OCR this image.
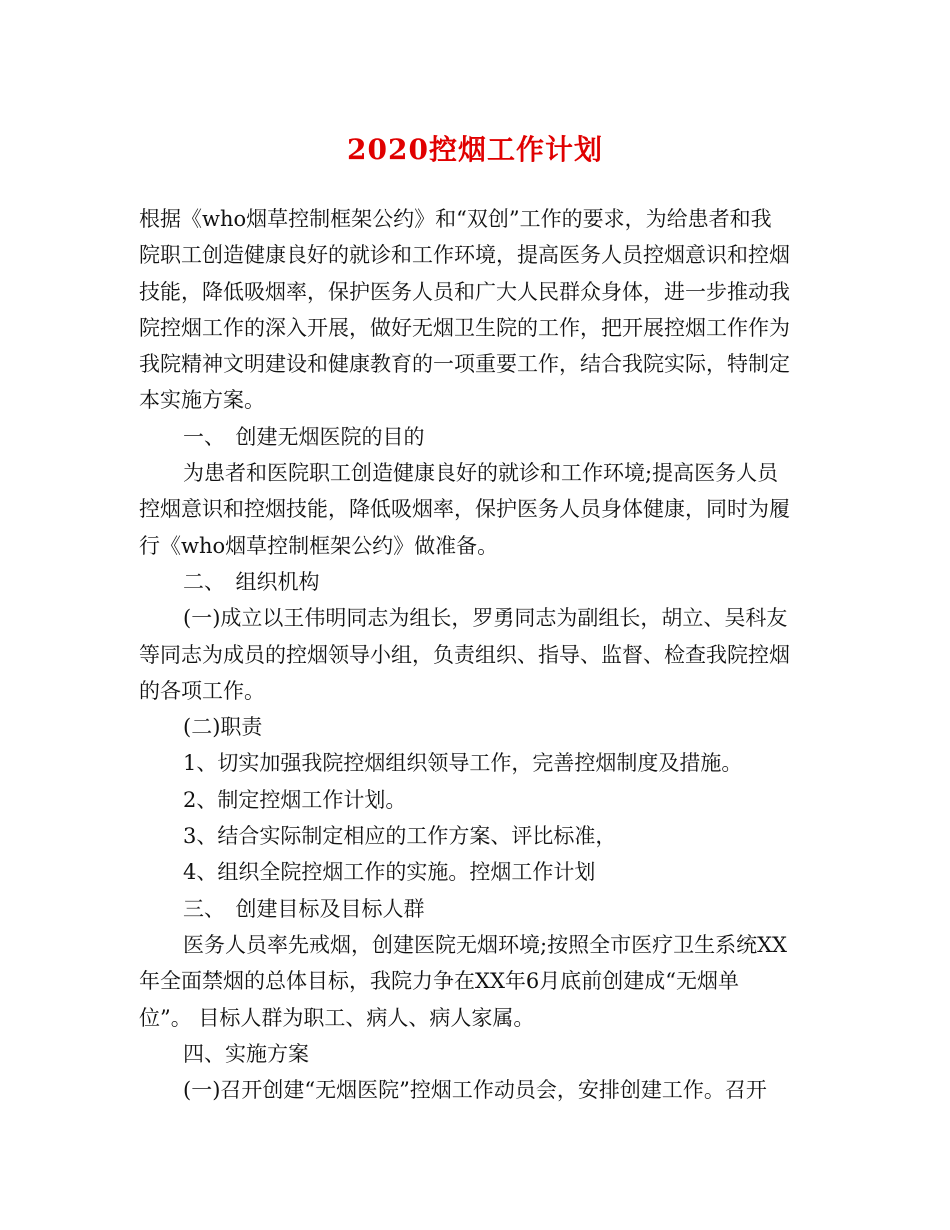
2020控烟工作计划
根据《who烟草控制框架公约》和“双创”工作的要求，为给患者和我
院职工创造健康良好的就诊和工作环境，提高医务人员控烟意识和控烟
技能，降低吸烟率，保护医务人员和广大人民群众身体，进一步推动我
院控烟工作的深入开展，做好无烟卫生院的工作，把开展控烟工作作为
我院精神文明建设和健康教育的一项重要工作，结合我院实际，特制定
本实施方案。
一、　创建无烟医院的目的
为患者和医院职工创造健康良好的就诊和工作环境;提高医务人员
控烟意识和控烟技能，降低吸烟率，保护医务人员身体健康，同时为履
行《who烟草控制框架公约》做准备。
二、　组织机构
(一)成立以王伟明同志为组长，罗勇同志为副组长，胡立、吴科友
等同志为成员的控烟领导小组，负责组织、指导、监督、检查我院控烟
的各项工作。
(二)职责
1、切实加强我院控烟组织领导工作，完善控烟制度及措施。
2、制定控烟工作计划。
3、结合实际制定相应的工作方案、评比标准，
4、组织全院控烟工作的实施。控烟工作计划
三、　创建目标及目标人群
医务人员率先戒烟，创建医院无烟环境;按照全市医疗卫生系统XX
年全面禁烟的总体目标，我院力争在XX年6月底前创建成“无烟单
位”。 目标人群为职工、病人、病人家属。
四、实施方案
(一)召开创建“无烟医院”控烟工作动员会，安排创建工作。召开
